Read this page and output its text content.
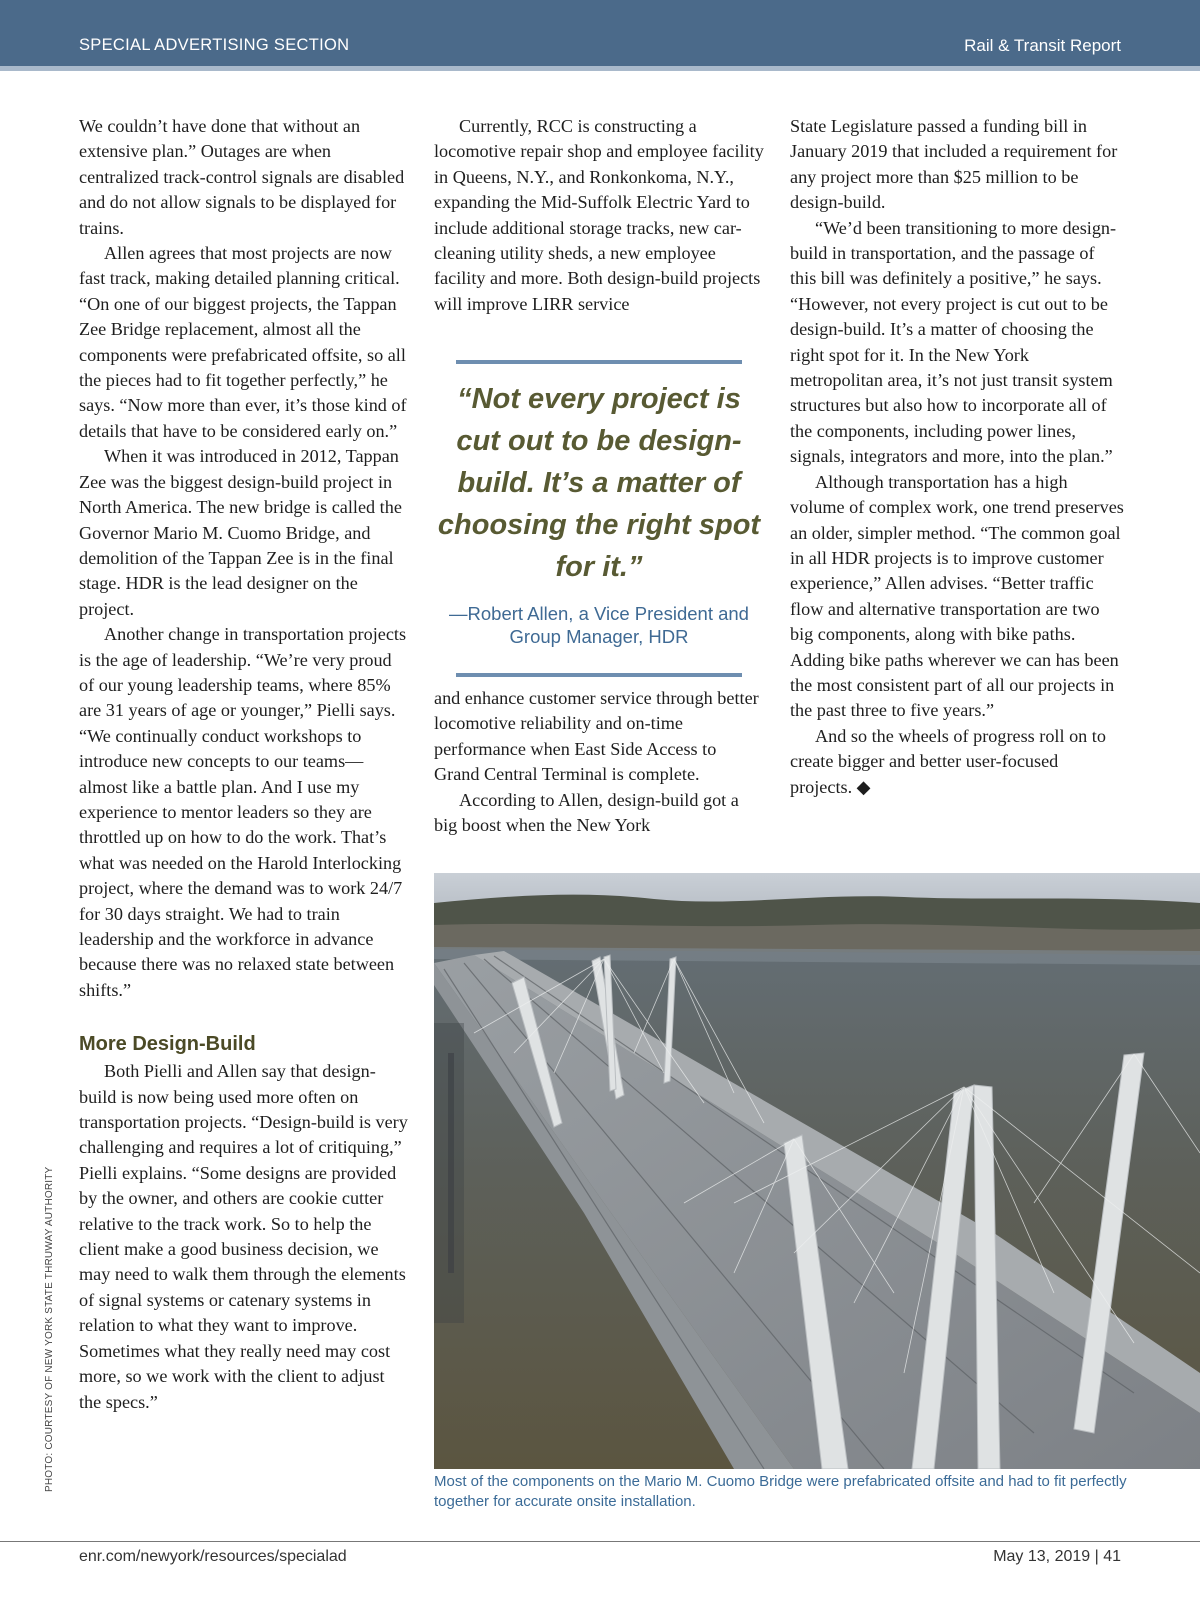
SPECIAL ADVERTISING SECTION	Rail & Transit Report

We couldn’t have done that without an extensive plan.” Outages are when centralized track-control signals are disabled and do not allow signals to be displayed for trains.

Allen agrees that most projects are now fast track, making detailed planning critical. “On one of our biggest projects, the Tappan Zee Bridge replacement, almost all the components were prefabricated offsite, so all the pieces had to fit together perfectly,” he says. “Now more than ever, it’s those kind of details that have to be considered early on.”

When it was introduced in 2012, Tappan Zee was the biggest design-build project in North America. The new bridge is called the Governor Mario M. Cuomo Bridge, and demolition of the Tappan Zee is in the final stage. HDR is the lead designer on the project.

Another change in transportation projects is the age of leadership. “We’re very proud of our young leadership teams, where 85% are 31 years of age or younger,” Pielli says. “We continually conduct workshops to introduce new concepts to our teams—almost like a battle plan. And I use my experience to mentor leaders so they are throttled up on how to do the work. That’s what was needed on the Harold Interlocking project, where the demand was to work 24/7 for 30 days straight. We had to train leadership and the workforce in advance because there was no relaxed state between shifts.”

More Design-Build

Both Pielli and Allen say that design-build is now being used more often on transportation projects. “Design-build is very challenging and requires a lot of critiquing,” Pielli explains. “Some designs are provided by the owner, and others are cookie cutter relative to the track work. So to help the client make a good business decision, we may need to walk them through the elements of signal systems or catenary systems in relation to what they want to improve. Sometimes what they really need may cost more, so we work with the client to adjust the specs.”

Currently, RCC is constructing a locomotive repair shop and employee facility in Queens, N.Y., and Ronkonkoma, N.Y., expanding the Mid-Suffolk Electric Yard to include additional storage tracks, new car-cleaning utility sheds, a new employee facility and more. Both design-build projects will improve LIRR service

“Not every project is cut out to be design-build. It’s a matter of choosing the right spot for it.”
—Robert Allen, a Vice President and Group Manager, HDR

and enhance customer service through better locomotive reliability and on-time performance when East Side Access to Grand Central Terminal is complete.

According to Allen, design-build got a big boost when the New York

State Legislature passed a funding bill in January 2019 that included a requirement for any project more than $25 million to be design-build.

“We’d been transitioning to more design-build in transportation, and the passage of this bill was definitely a positive,” he says. “However, not every project is cut out to be design-build. It’s a matter of choosing the right spot for it. In the New York metropolitan area, it’s not just transit system structures but also how to incorporate all of the components, including power lines, signals, integrators and more, into the plan.”

Although transportation has a high volume of complex work, one trend preserves an older, simpler method. “The common goal in all HDR projects is to improve customer experience,” Allen advises. “Better traffic flow and alternative transportation are two big components, along with bike paths. Adding bike paths wherever we can has been the most consistent part of all our projects in the past three to five years.”

And so the wheels of progress roll on to create bigger and better user-focused projects. ◆

Most of the components on the Mario M. Cuomo Bridge were prefabricated offsite and had to fit perfectly together for accurate onsite installation.
PHOTO: COURTESY OF NEW YORK STATE THRUWAY AUTHORITY
enr.com/newyork/resources/specialad	May 13, 2019 | 41
